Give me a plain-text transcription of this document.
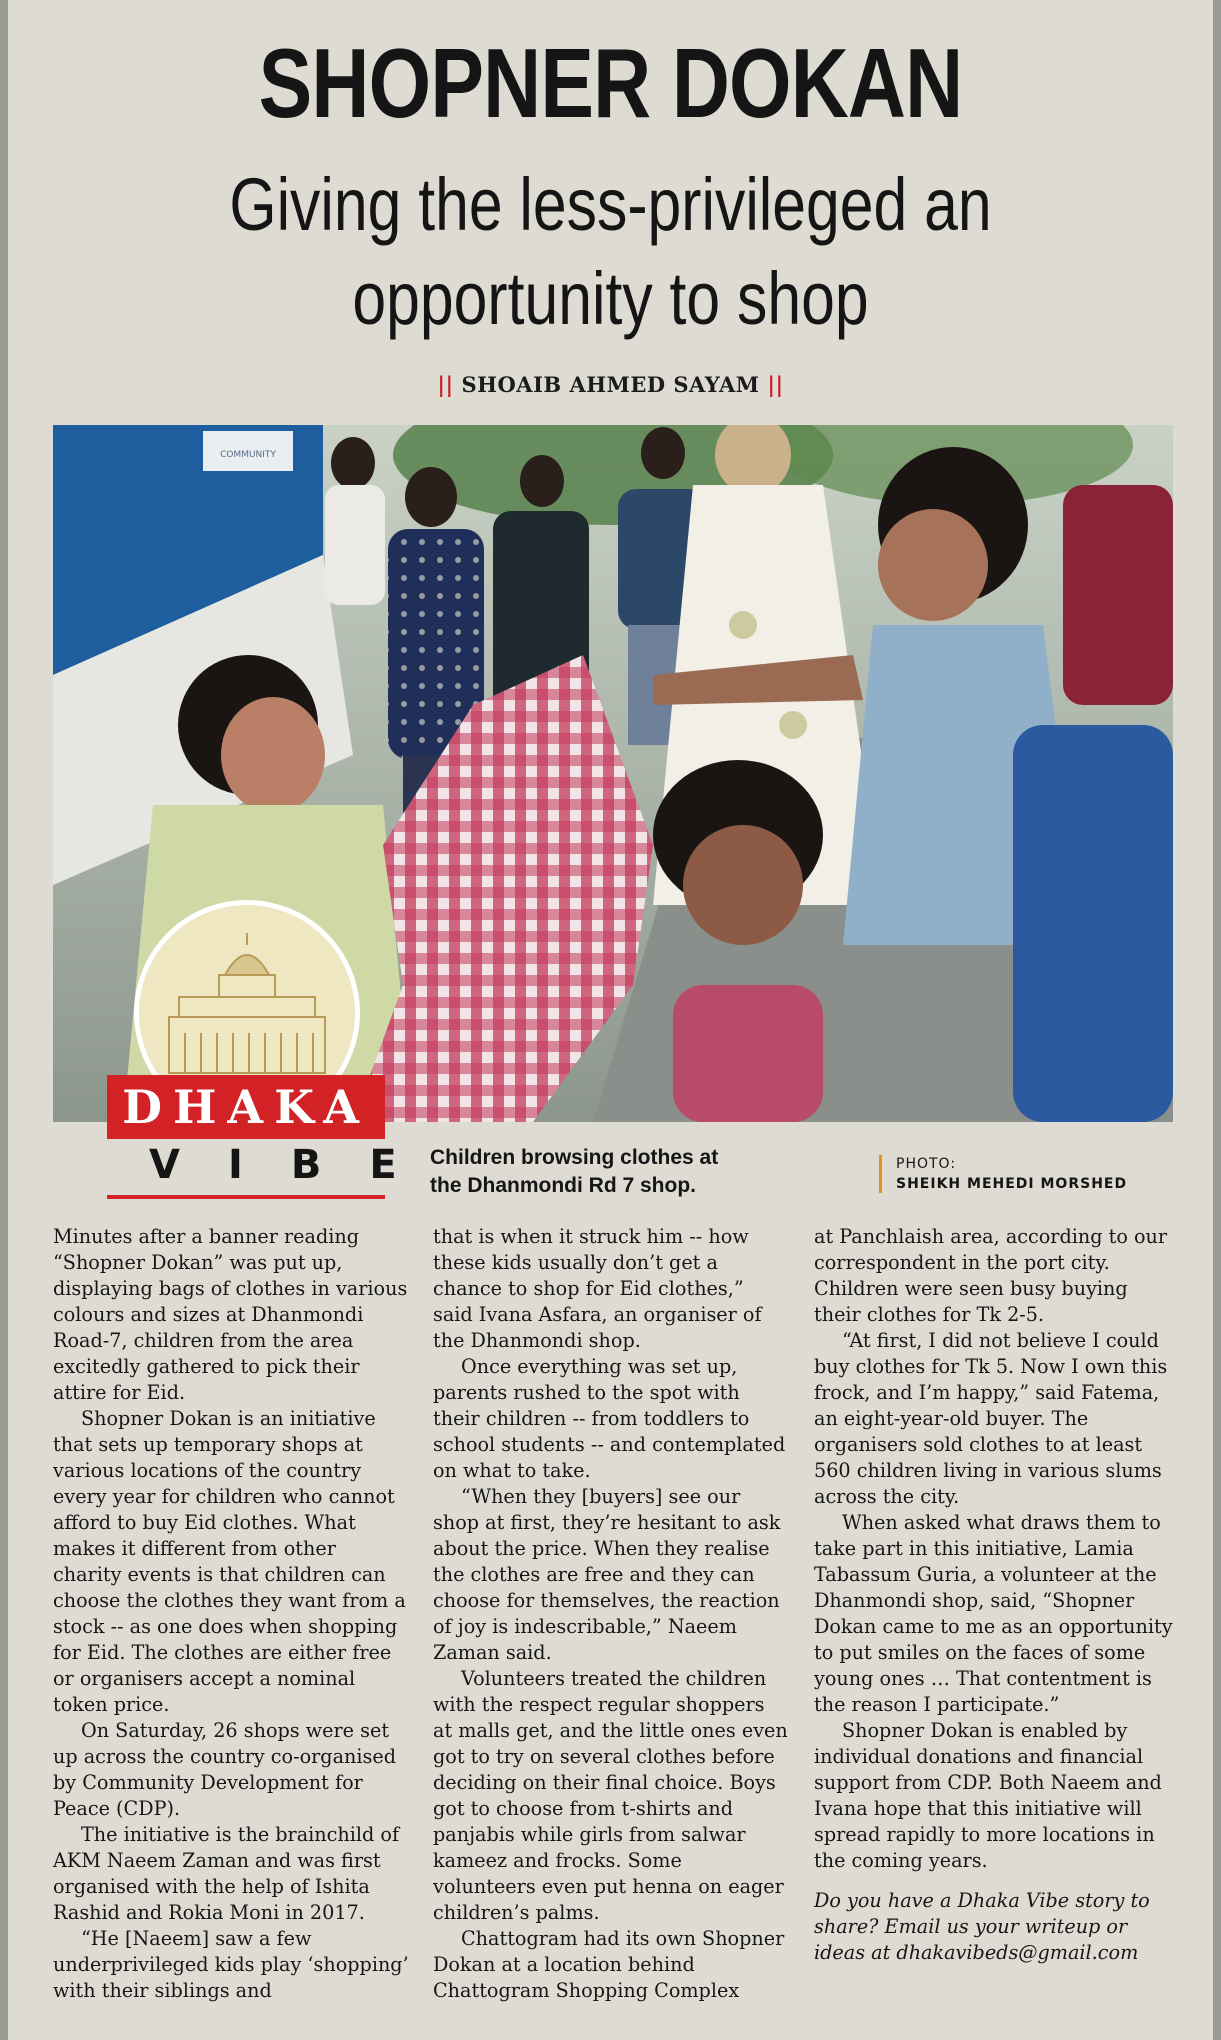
SHOPNER DOKAN
Giving the less-privileged an
opportunity to shop
|| SHOAIB AHMED SAYAM ||
COMMUNITY
DHAKA
VIBE
Children browsing clothes at
the Dhanmondi Rd 7 shop.
PHOTO:
SHEIKH MEHEDI MORSHED

Minutes after a banner reading “Shopner Dokan” was put up, displaying bags of clothes in various colours and sizes at Dhanmondi Road-7, children from the area excitedly gathered to pick their attire for Eid.

Shopner Dokan is an initiative that sets up temporary shops at various locations of the country every year for children who cannot afford to buy Eid clothes. What makes it different from other charity events is that children can choose the clothes they want from a stock -- as one does when shopping for Eid. The clothes are either free or organisers accept a nominal token price.

On Saturday, 26 shops were set up across the country co-organised by Community Development for Peace (CDP).

The initiative is the brainchild of AKM Naeem Zaman and was first organised with the help of Ishita Rashid and Rokia Moni in 2017.

“He [Naeem] saw a few underprivileged kids play ‘shopping’ with their siblings and

that is when it struck him -- how these kids usually don’t get a chance to shop for Eid clothes,” said Ivana Asfara, an organiser of the Dhanmondi shop.

Once everything was set up, parents rushed to the spot with their children -- from toddlers to school students -- and contemplated on what to take.

“When they [buyers] see our shop at first, they’re hesitant to ask about the price. When they realise the clothes are free and they can choose for themselves, the reaction of joy is indescribable,” Naeem Zaman said.

Volunteers treated the children with the respect regular shoppers at malls get, and the little ones even got to try on several clothes before deciding on their final choice. Boys got to choose from t-shirts and panjabis while girls from salwar kameez and frocks. Some volunteers even put henna on eager children’s palms.

Chattogram had its own Shopner Dokan at a location behind Chattogram Shopping Complex

at Panchlaish area, according to our correspondent in the port city. Children were seen busy buying their clothes for Tk 2-5.

“At first, I did not believe I could buy clothes for Tk 5. Now I own this frock, and I’m happy,” said Fatema, an eight-year-old buyer. The organisers sold clothes to at least 560 children living in various slums across the city.

When asked what draws them to take part in this initiative, Lamia Tabassum Guria, a volunteer at the Dhanmondi shop, said, “Shopner Dokan came to me as an opportunity to put smiles on the faces of some young ones … That contentment is the reason I participate.”

Shopner Dokan is enabled by individual donations and financial support from CDP. Both Naeem and Ivana hope that this initiative will spread rapidly to more locations in the coming years.

Do you have a Dhaka Vibe story to share? Email us your writeup or ideas at dhakavibeds@gmail.com
